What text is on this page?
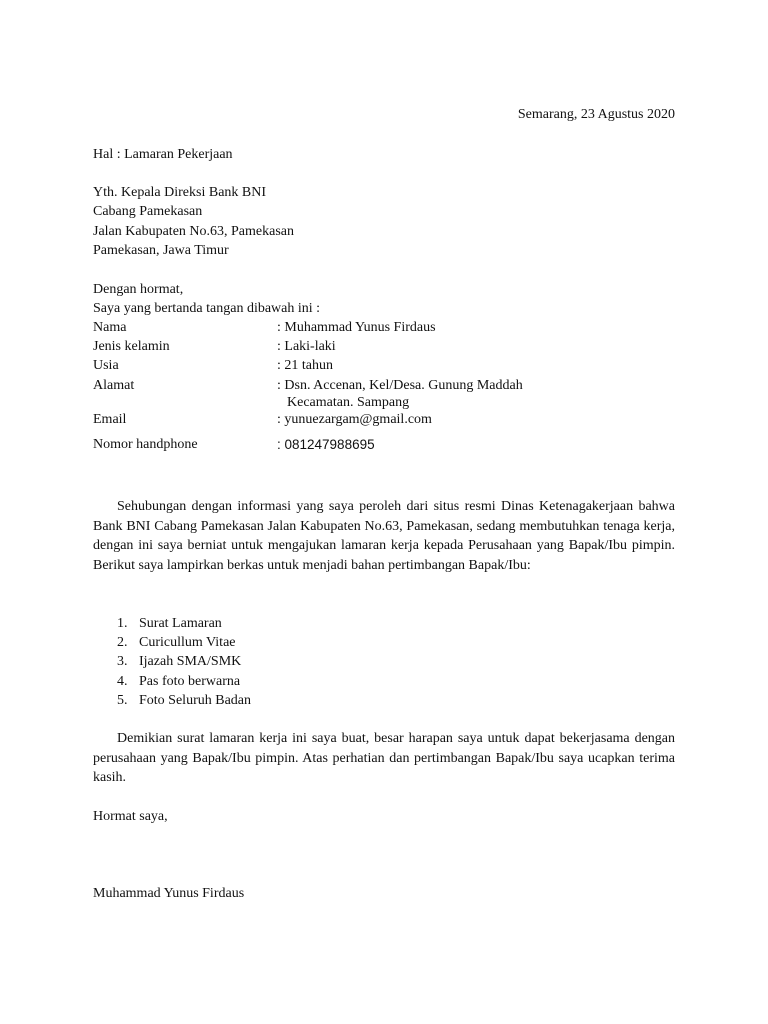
Semarang, 23 Agustus 2020
Hal : Lamaran Pekerjaan
Yth. Kepala Direksi Bank BNI
Cabang Pamekasan
Jalan Kabupaten No.63, Pamekasan
Pamekasan, Jawa Timur
Dengan hormat,
Saya yang bertanda tangan dibawah ini :
Nama	: Muhammad Yunus Firdaus
Jenis kelamin	: Laki-laki
Usia	: 21 tahun
Alamat	: Dsn. Accenan, Kel/Desa. Gunung Maddah
Kecamatan. Sampang
Email	: yunuezargam@gmail.com
Nomor handphone	: 081247988695
Sehubungan dengan informasi yang saya peroleh dari situs resmi Dinas Ketenagakerjaan bahwa Bank BNI Cabang Pamekasan Jalan Kabupaten No.63, Pamekasan, sedang membutuhkan tenaga kerja, dengan ini saya berniat untuk mengajukan lamaran kerja kepada Perusahaan yang Bapak/Ibu pimpin. Berikut saya lampirkan berkas untuk menjadi bahan pertimbangan Bapak/Ibu:
1. Surat Lamaran
2. Curicullum Vitae
3. Ijazah SMA/SMK
4. Pas foto berwarna
5. Foto Seluruh Badan
Demikian surat lamaran kerja ini saya buat, besar harapan saya untuk dapat bekerjasama dengan perusahaan yang Bapak/Ibu pimpin. Atas perhatian dan pertimbangan Bapak/Ibu saya ucapkan terima kasih.
Hormat saya,
Muhammad Yunus Firdaus
